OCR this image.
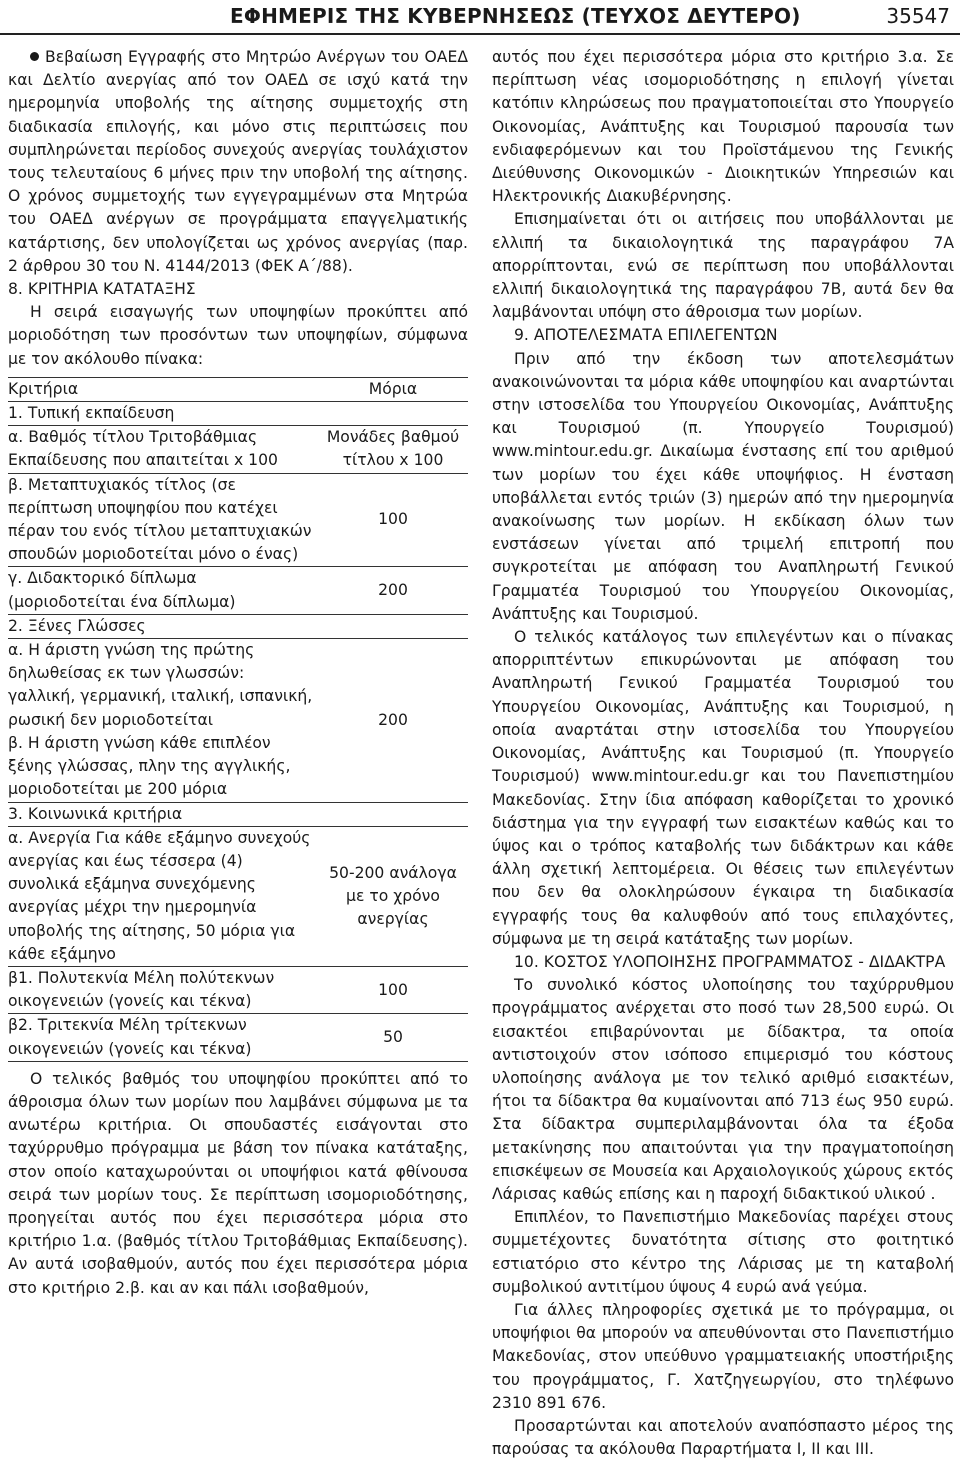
ΕΦΗΜΕΡΙΣ ΤΗΣ ΚΥΒΕΡΝΗΣΕΩΣ (ΤΕΥΧΟΣ ΔΕΥΤΕΡΟ)	35547

Βεβαίωση Εγγραφής στο Μητρώο Ανέργων του ΟΑΕΔ και Δελτίο ανεργίας από τον ΟΑΕΔ σε ισχύ κατά την ημερομηνία υποβολής της αίτησης συμμετοχής στη διαδικασία επιλογής, και μόνο στις περιπτώσεις που συμπληρώνεται περίοδος συνεχούς ανεργίας τουλάχιστον τους τελευταίους 6 μήνες πριν την υποβολή της αίτησης. Ο χρόνος συμμετοχής των εγγεγραμμένων στα Μητρώα του ΟΑΕΔ ανέργων σε προγράμματα επαγγελματικής κατάρτισης, δεν υπολογίζεται ως χρόνος ανεργίας (παρ. 2 άρθρου 30 του Ν. 4144/2013 (ΦΕΚ Α΄/88).

8. ΚΡΙΤΗΡΙΑ ΚΑΤΑΤΑΞΗΣ

Η σειρά εισαγωγής των υποψηφίων προκύπτει από μοριοδότηση των προσόντων των υποψηφίων, σύμφωνα με τον ακόλουθο πίνακα:

Κριτήρια	Μόρια
1. Τυπική εκπαίδευση	
α. Βαθμός τίτλου Τριτοβάθμιας Εκπαίδευσης που απαιτείται x 100	Μονάδες βαθμού τίτλου x 100
β. Μεταπτυχιακός τίτλος (σε περίπτωση υποψηφίου που κατέχει πέραν του ενός τίτλου μεταπτυχιακών σπουδών μοριοδοτείται μόνο ο ένας)	100
γ. Διδακτορικό δίπλωμα (μοριοδοτείται ένα δίπλωμα)	200
2. Ξένες Γλώσσες	
α. Η άριστη γνώση της πρώτης δηλωθείσας εκ των γλωσσών: γαλλική, γερμανική, ιταλική, ισπανική, ρωσική δεν μοριοδοτείται	200
β. Η άριστη γνώση κάθε επιπλέον ξένης γλώσσας, πλην της αγγλικής, μοριοδοτείται με 200 μόρια	
3. Κοινωνικά κριτήρια	
α. Ανεργία Για κάθε εξάμηνο συνεχούς ανεργίας και έως τέσσερα (4) συνολικά εξάμηνα συνεχόμενης ανεργίας μέχρι την ημερομηνία υποβολής της αίτησης, 50 μόρια για κάθε εξάμηνο	50-200 ανάλογα με το χρόνο ανεργίας
β1. Πολυτεκνία Μέλη πολύτεκνων οικογενειών (γονείς και τέκνα)	100
β2. Τριτεκνία Μέλη τρίτεκνων οικογενειών (γονείς και τέκνα)	50

Ο τελικός βαθμός του υποψηφίου προκύπτει από το άθροισμα όλων των μορίων που λαμβάνει σύμφωνα με τα ανωτέρω κριτήρια. Οι σπουδαστές εισάγονται στο ταχύρρυθμο πρόγραμμα με βάση τον πίνακα κατάταξης, στον οποίο καταχωρούνται οι υποψήφιοι κατά φθίνουσα σειρά των μορίων τους. Σε περίπτωση ισομοριοδότησης, προηγείται αυτός που έχει περισσότερα μόρια στο κριτήριο 1.α. (βαθμός τίτλου Τριτοβάθμιας Εκπαίδευσης). Αν αυτά ισοβαθμούν, αυτός που έχει περισσότερα μόρια στο κριτήριο 2.β. και αν και πάλι ισοβαθμούν,

αυτός που έχει περισσότερα μόρια στο κριτήριο 3.α. Σε περίπτωση νέας ισομοριοδότησης η επιλογή γίνεται κατόπιν κληρώσεως που πραγματοποιείται στο Υπουργείο Οικονομίας, Ανάπτυξης και Τουρισμού παρουσία των ενδιαφερόμενων και του Προϊστάμενου της Γενικής Διεύθυνσης Οικονομικών - Διοικητικών Υπηρεσιών και Ηλεκτρονικής Διακυβέρνησης.

Επισημαίνεται ότι οι αιτήσεις που υποβάλλονται με ελλιπή τα δικαιολογητικά της παραγράφου 7Α απορρίπτονται, ενώ σε περίπτωση που υποβάλλονται ελλιπή δικαιολογητικά της παραγράφου 7Β, αυτά δεν θα λαμβάνονται υπόψη στο άθροισμα των μορίων.

9. ΑΠΟΤΕΛΕΣΜΑΤΑ ΕΠΙΛΕΓΕΝΤΩΝ

Πριν από την έκδοση των αποτελεσμάτων ανακοινώνονται τα μόρια κάθε υποψηφίου και αναρτώνται στην ιστοσελίδα του Υπουργείου Οικονομίας, Ανάπτυξης και Τουρισμού (π. Υπουργείο Τουρισμού) www.mintour.edu.gr. Δικαίωμα ένστασης επί του αριθμού των μορίων του έχει κάθε υποψήφιος. Η ένσταση υποβάλλεται εντός τριών (3) ημερών από την ημερομηνία ανακοίνωσης των μορίων. Η εκδίκαση όλων των ενστάσεων γίνεται από τριμελή επιτροπή που συγκροτείται με απόφαση του Αναπληρωτή Γενικού Γραμματέα Τουρισμού του Υπουργείου Οικονομίας, Ανάπτυξης και Τουρισμού.

Ο τελικός κατάλογος των επιλεγέντων και ο πίνακας απορριπτέντων επικυρώνονται με απόφαση του Αναπληρωτή Γενικού Γραμματέα Τουρισμού του Υπουργείου Οικονομίας, Ανάπτυξης και Τουρισμού, η οποία αναρτάται στην ιστοσελίδα του Υπουργείου Οικονομίας, Ανάπτυξης και Τουρισμού (π. Υπουργείο Τουρισμού) www.mintour.edu.gr και του Πανεπιστημίου Μακεδονίας. Στην ίδια απόφαση καθορίζεται το χρονικό διάστημα για την εγγραφή των εισακτέων καθώς και το ύψος και ο τρόπος καταβολής των διδάκτρων και κάθε άλλη σχετική λεπτομέρεια. Οι θέσεις των επιλεγέντων που δεν θα ολοκληρώσουν έγκαιρα τη διαδικασία εγγραφής τους θα καλυφθούν από τους επιλαχόντες, σύμφωνα με τη σειρά κατάταξης των μορίων.

10. ΚΟΣΤΟΣ ΥΛΟΠΟΙΗΣΗΣ ΠΡΟΓΡΑΜΜΑΤΟΣ - ΔΙΔΑΚΤΡΑ

Το συνολικό κόστος υλοποίησης του ταχύρρυθμου προγράμματος ανέρχεται στο ποσό των 28,500 ευρώ. Οι εισακτέοι επιβαρύνονται με δίδακτρα, τα οποία αντιστοιχούν στον ισόποσο επιμερισμό του κόστους υλοποίησης ανάλογα με τον τελικό αριθμό εισακτέων, ήτοι τα δίδακτρα θα κυμαίνονται από 713 έως 950 ευρώ. Στα δίδακτρα συμπεριλαμβάνονται όλα τα έξοδα μετακίνησης που απαιτούνται για την πραγματοποίηση επισκέψεων σε Μουσεία και Αρχαιολογικούς χώρους εκτός Λάρισας καθώς επίσης και η παροχή διδακτικού υλικού .

Επιπλέον, το Πανεπιστήμιο Μακεδονίας παρέχει στους συμμετέχοντες δυνατότητα σίτισης στο φοιτητικό εστιατόριο στο κέντρο της Λάρισας με τη καταβολή συμβολικού αντιτίμου ύψους 4 ευρώ ανά γεύμα.

Για άλλες πληροφορίες σχετικά με το πρόγραμμα, οι υποψήφιοι θα μπορούν να απευθύνονται στο Πανεπιστήμιο Μακεδονίας, στον υπεύθυνο γραμματειακής υποστήριξης του προγράμματος, Γ. Χατζηγεωργίου, στο τηλέφωνο 2310 891 676.

Προσαρτώνται και αποτελούν αναπόσπαστο μέρος της παρούσας τα ακόλουθα Παραρτήματα Ι, ΙΙ και ΙΙΙ.
